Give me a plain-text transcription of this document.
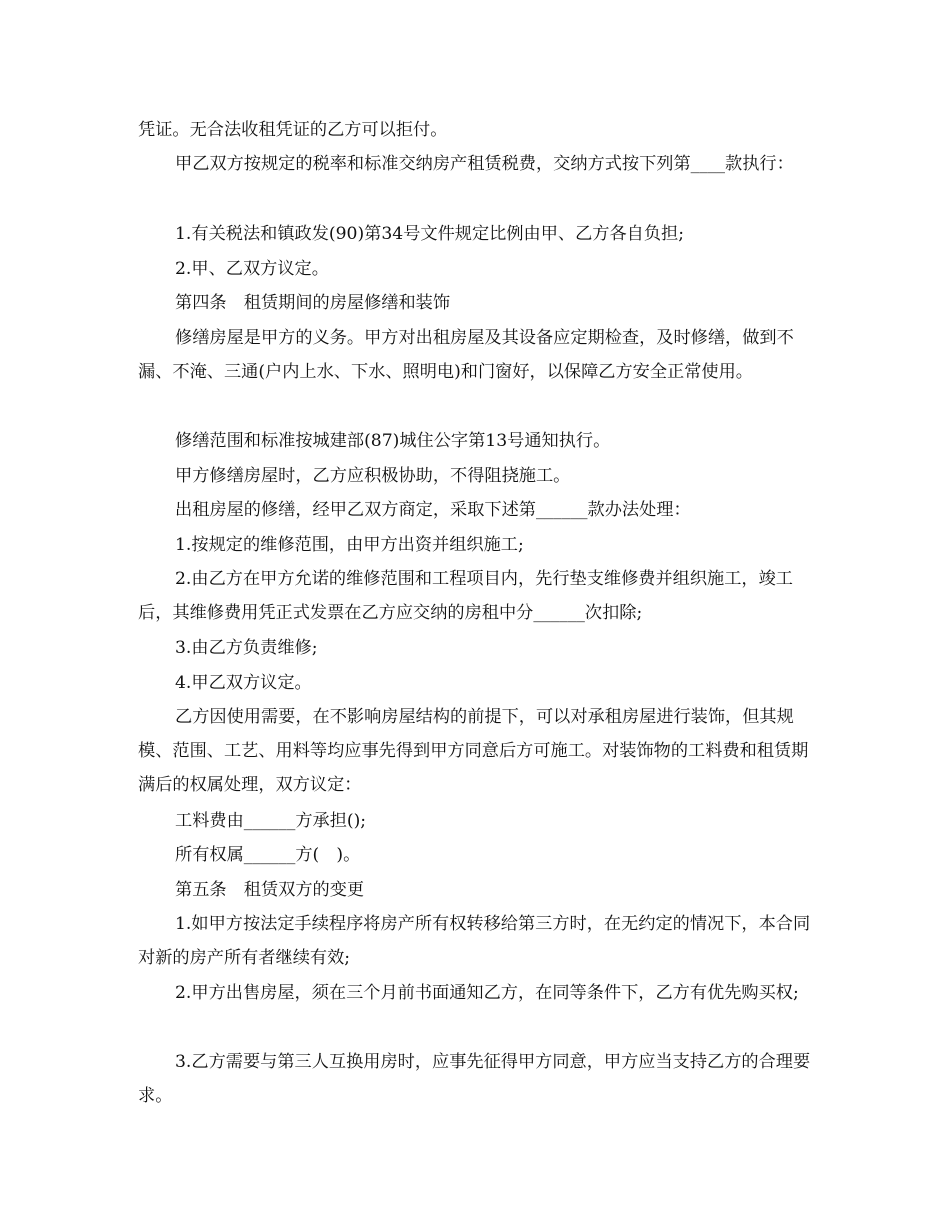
凭证。无合法收租凭证的乙方可以拒付。

甲乙双方按规定的税率和标准交纳房产租赁税费，交纳方式按下列第____款执行：

1.有关税法和镇政发(90)第34号文件规定比例由甲、乙方各自负担;

2.甲、乙双方议定。

第四条　租赁期间的房屋修缮和装饰

修缮房屋是甲方的义务。甲方对出租房屋及其设备应定期检查，及时修缮，做到不漏、不淹、三通(户内上水、下水、照明电)和门窗好，以保障乙方安全正常使用。

修缮范围和标准按城建部(87)城住公字第13号通知执行。

甲方修缮房屋时，乙方应积极协助，不得阻挠施工。

出租房屋的修缮，经甲乙双方商定，采取下述第______款办法处理：

1.按规定的维修范围，由甲方出资并组织施工;

2.由乙方在甲方允诺的维修范围和工程项目内，先行垫支维修费并组织施工，竣工后，其维修费用凭正式发票在乙方应交纳的房租中分______次扣除;

3.由乙方负责维修;

4.甲乙双方议定。

乙方因使用需要，在不影响房屋结构的前提下，可以对承租房屋进行装饰，但其规模、范围、工艺、用料等均应事先得到甲方同意后方可施工。对装饰物的工料费和租赁期满后的权属处理，双方议定：

工料费由______方承担();

所有权属______方(　)。

第五条　租赁双方的变更

1.如甲方按法定手续程序将房产所有权转移给第三方时，在无约定的情况下，本合同对新的房产所有者继续有效;

2.甲方出售房屋，须在三个月前书面通知乙方，在同等条件下，乙方有优先购买权;

3.乙方需要与第三人互换用房时，应事先征得甲方同意，甲方应当支持乙方的合理要求。
